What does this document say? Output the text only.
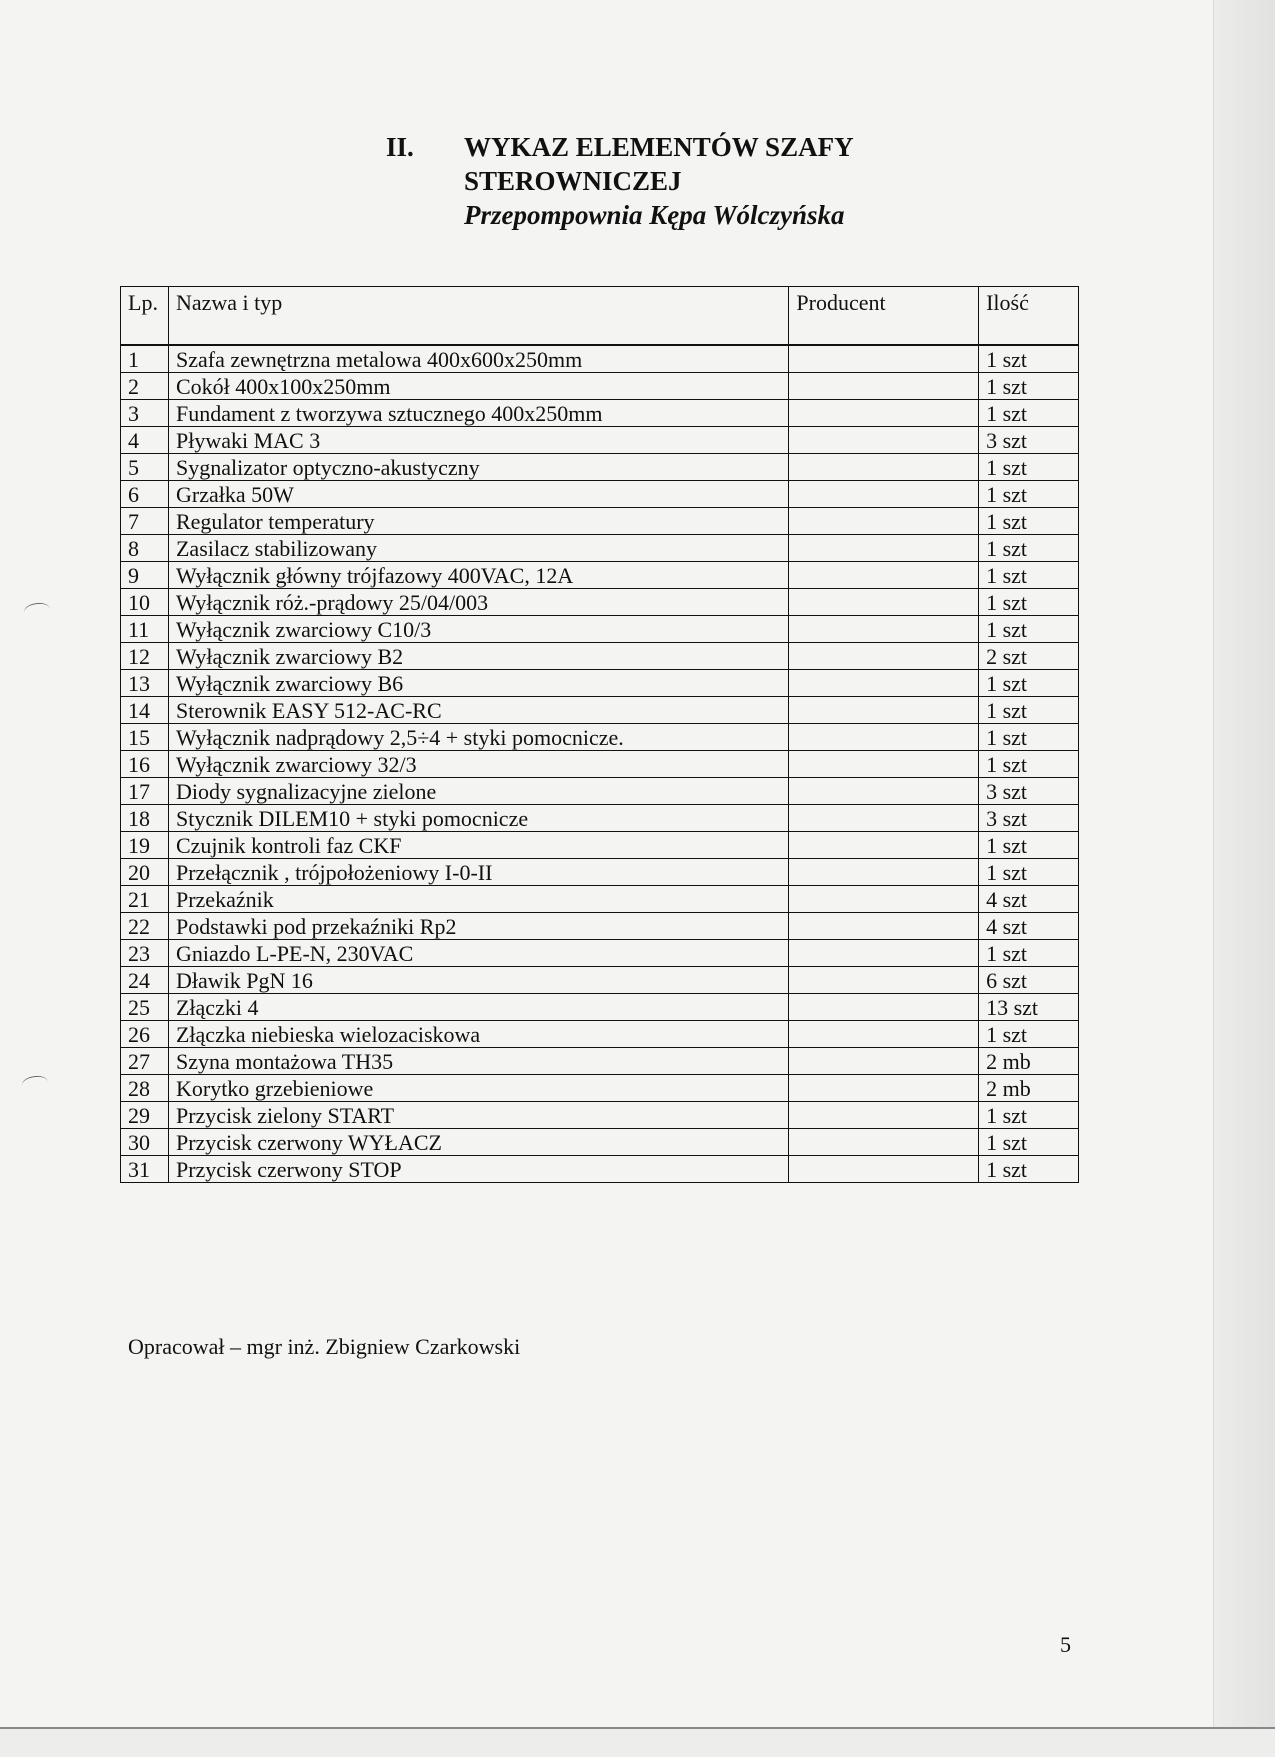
II. WYKAZ ELEMENTÓW SZAFY
STEROWNICZEJ
Przepompownia Kępa Wólczyńska
Lp.	Nazwa i typ	Producent	Ilość
1	Szafa zewnętrzna metalowa 400x600x250mm		1 szt
2	Cokół 400x100x250mm		1 szt
3	Fundament z tworzywa sztucznego 400x250mm		1 szt
4	Pływaki MAC 3		3 szt
5	Sygnalizator optyczno-akustyczny		1 szt
6	Grzałka 50W		1 szt
7	Regulator temperatury		1 szt
8	Zasilacz stabilizowany		1 szt
9	Wyłącznik główny trójfazowy 400VAC, 12A		1 szt
10	Wyłącznik róż.-prądowy 25/04/003		1 szt
11	Wyłącznik zwarciowy C10/3		1 szt
12	Wyłącznik zwarciowy B2		2 szt
13	Wyłącznik zwarciowy B6		1 szt
14	Sterownik EASY 512-AC-RC		1 szt
15	Wyłącznik nadprądowy 2,5÷4 + styki pomocnicze.		1 szt
16	Wyłącznik zwarciowy 32/3		1 szt
17	Diody sygnalizacyjne zielone		3 szt
18	Stycznik DILEM10 + styki pomocnicze		3 szt
19	Czujnik kontroli faz CKF		1 szt
20	Przełącznik , trójpołożeniowy I-0-II		1 szt
21	Przekaźnik		4 szt
22	Podstawki pod przekaźniki Rp2		4 szt
23	Gniazdo L-PE-N, 230VAC		1 szt
24	Dławik PgN 16		6 szt
25	Złączki 4		13 szt
26	Złączka niebieska wielozaciskowa		1 szt
27	Szyna montażowa TH35		2 mb
28	Korytko grzebieniowe		2 mb
29	Przycisk zielony START		1 szt
30	Przycisk czerwony WYŁACZ		1 szt
31	Przycisk czerwony STOP		1 szt
Opracował – mgr inż. Zbigniew Czarkowski
5
